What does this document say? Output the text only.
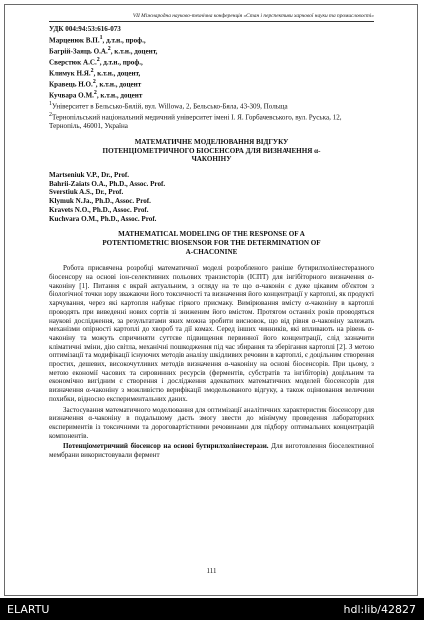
VII Міжнародна науково-технічна конференція «Стан і перспективи харчової науки та промисловості»
УДК 004:94:53:616-073
Марценюк В.П.$^1$, д.т.н., проф.,
Багрій-Заяць О.А.$^2$, к.т.н., доцент,
Сверстюк А.С.$^2$, д.т.н., проф.,
Климук Н.Я.$^2$, к.т.н., доцент,
Кравець Н.О.$^2$, к.т.н., доцент
Кучвара О.М.$^2$, к.т.н., доцент
$^1$Університет в Бельсько-Бялій, вул. Willowa, 2, Бельсько-Бяла, 43-309, Польща
$^2$Тернопільський національний медичний університет імені І. Я. Горбачевського, вул. Руська, 12, Тернопіль, 46001, Україна
МАТЕМАТИЧНЕ МОДЕЛЮВАННЯ ВІДГУКУ
ПОТЕНЦІОМЕТРИЧНОГО БІОСЕНСОРА ДЛЯ ВИЗНАЧЕННЯ α-
ЧАКОНІНУ
Martseniuk V.P., Dr., Prof.
Bahrii-Zaiats O.A., Ph.D., Assoc. Prof.
Sverstiuk A.S., Dr., Prof.
Klymuk N.Ja., Ph.D., Assoc. Prof.
Kravets N.O., Ph.D., Assoc. Prof.
Kuchvara O.M., Ph.D., Assoc. Prof.
MATHEMATICAL MODELING OF THE RESPONSE OF A
POTENTIOMETRIC BIOSENSOR FOR THE DETERMINATION OF
Α-CHACONINE

Робота присвячена розробці математичної моделі розробленого раніше бутирилхолінестеразного біосенсору на основі іон-селективних польових транзисторів (ІСПТ) для інгібіторного визначення α-чаконіну [1]. Питання є вкрай актуальним, з огляду на те що α-чаконін є дуже цікавим об'єктом з біологічної точки зору зважаючи його токсичності та визначення його концентрації у картоплі, як продукті харчування, через які картопля набуває гіркого присмаку. Вимірювання вмісту α-чаконіну в картоплі проводять при виведенні нових сортів зі зниженим його вмістом. Протягом останніх років проводяться наукові дослідження, за результатами яких можна зробити висновок, що від рівня α-чаконіну залежать механізми опірності картоплі до хвороб та дії комах. Серед інших чинників, які впливають на рівень α-чаконіну та можуть спричиняти суттєве підвищення первинної його концентрації, слід зазначити кліматичні зміни, дію світла, механічні пошкодження під час збирання та зберігання картоплі [2]. З метою оптимізації та модифікації існуючих методів аналізу шкідливих речовин в картоплі, є доцільним створення простих, дешевих, високочутливих методів визначення α-чаконіну на основі біосенсорів. При цьому, з метою економії часових та сировинних ресурсів (ферментів, субстратів та інгібіторів) доцільним та економічно вигідним є створення і дослідження адекватних математичних моделей біосенсорів для визначення α-чаконіну з можливістю верифікації змодельованого відгуку, а також оцінювання величини похибки, відносно експериментальних даних.

Застосування математичного моделювання для оптимізації аналітичних характеристик біосенсору для визначення α-чаконіну в подальшому дасть змогу звести до мінімуму проведення лабораторних експериментів із токсичними та дороговартістними речовинами для підбору оптимальних концентрацій компонентів.

Потенціометричний біосенсор на основі бутирилхолінестерази. Для виготовлення біоселективної мембрани використовували фермент

111
ELARTU	hdl:lib/42827
